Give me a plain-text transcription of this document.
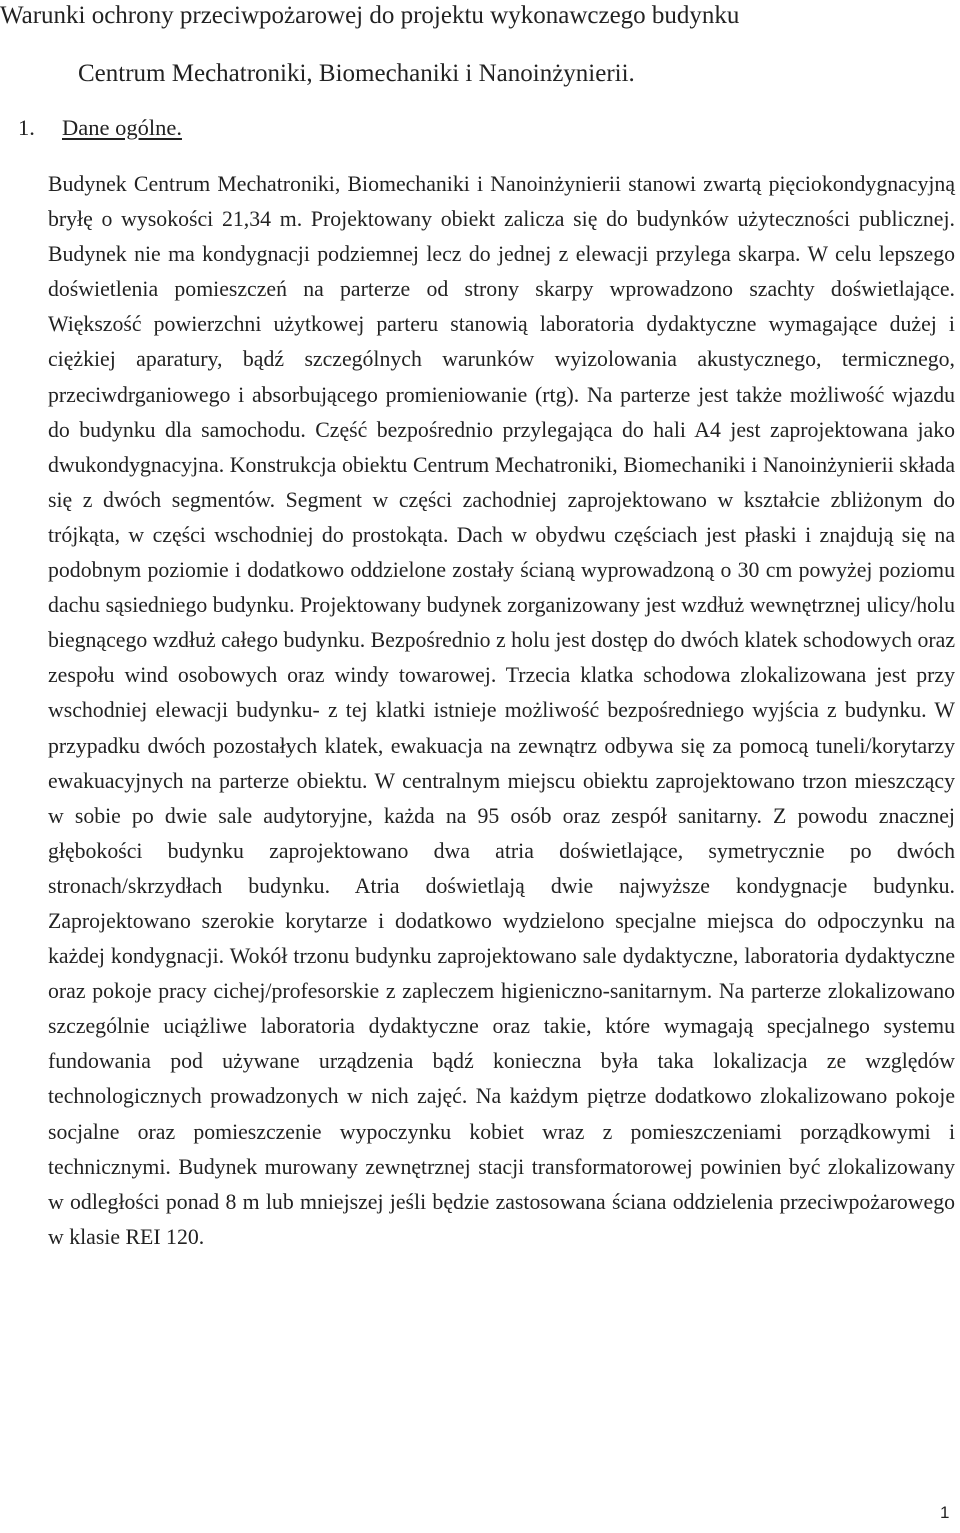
Warunki ochrony przeciwpożarowej do projektu wykonawczego budynku
Centrum Mechatroniki, Biomechaniki i Nanoinżynierii.
1. Dane ogólne.

Budynek Centrum Mechatroniki, Biomechaniki i Nanoinżynierii stanowi zwartą pięciokondygnacyjną bryłę o wysokości 21,34 m. Projektowany obiekt zalicza się do budynków użyteczności publicznej. Budynek nie ma kondygnacji podziemnej lecz do jednej z elewacji przylega skarpa. W celu lepszego doświetlenia pomieszczeń na parterze od strony skarpy wprowadzono szachty doświetlające. Większość powierzchni użytkowej parteru stanowią laboratoria dydaktyczne wymagające dużej i ciężkiej aparatury, bądź szczególnych warunków wyizolowania akustycznego, termicznego, przeciwdrganiowego i absorbującego promieniowanie (rtg). Na parterze jest także możliwość wjazdu do budynku dla samochodu. Część bezpośrednio przylegająca do hali A4 jest zaprojektowana jako dwukondygnacyjna. Konstrukcja obiektu Centrum Mechatroniki, Biomechaniki i Nanoinżynierii składa się z dwóch segmentów. Segment w części zachodniej zaprojektowano w kształcie zbliżonym do trójkąta, w części wschodniej do prostokąta. Dach w obydwu częściach jest płaski i znajdują się na podobnym poziomie i dodatkowo oddzielone zostały ścianą wyprowadzoną o 30 cm powyżej poziomu dachu sąsiedniego budynku. Projektowany budynek zorganizowany jest wzdłuż wewnętrznej ulicy/holu biegnącego wzdłuż całego budynku. Bezpośrednio z holu jest dostęp do dwóch klatek schodowych oraz zespołu wind osobowych oraz windy towarowej. Trzecia klatka schodowa zlokalizowana jest przy wschodniej elewacji budynku- z tej klatki istnieje możliwość bezpośredniego wyjścia z budynku. W przypadku dwóch pozostałych klatek, ewakuacja na zewnątrz odbywa się za pomocą tuneli/korytarzy ewakuacyjnych na parterze obiektu. W centralnym miejscu obiektu zaprojektowano trzon mieszczący w sobie po dwie sale audytoryjne, każda na 95 osób oraz zespół sanitarny. Z powodu znacznej głębokości budynku zaprojektowano dwa atria doświetlające, symetrycznie po dwóch stronach/skrzydłach budynku. Atria doświetlają dwie najwyższe kondygnacje budynku. Zaprojektowano szerokie korytarze i dodatkowo wydzielono specjalne miejsca do odpoczynku na każdej kondygnacji. Wokół trzonu budynku zaprojektowano sale dydaktyczne, laboratoria dydaktyczne oraz pokoje pracy cichej/profesorskie z zapleczem higieniczno-sanitarnym. Na parterze zlokalizowano szczególnie uciążliwe laboratoria dydaktyczne oraz takie, które wymagają specjalnego systemu fundowania pod używane urządzenia bądź konieczna była taka lokalizacja ze względów technologicznych prowadzonych w nich zajęć. Na każdym piętrze dodatkowo zlokalizowano pokoje socjalne oraz pomieszczenie wypoczynku kobiet wraz z pomieszczeniami porządkowymi i technicznymi. Budynek murowany zewnętrznej stacji transformatorowej powinien być zlokalizowany w odległości ponad 8 m lub mniejszej jeśli będzie zastosowana ściana oddzielenia przeciwpożarowego w klasie REI 120.

1
